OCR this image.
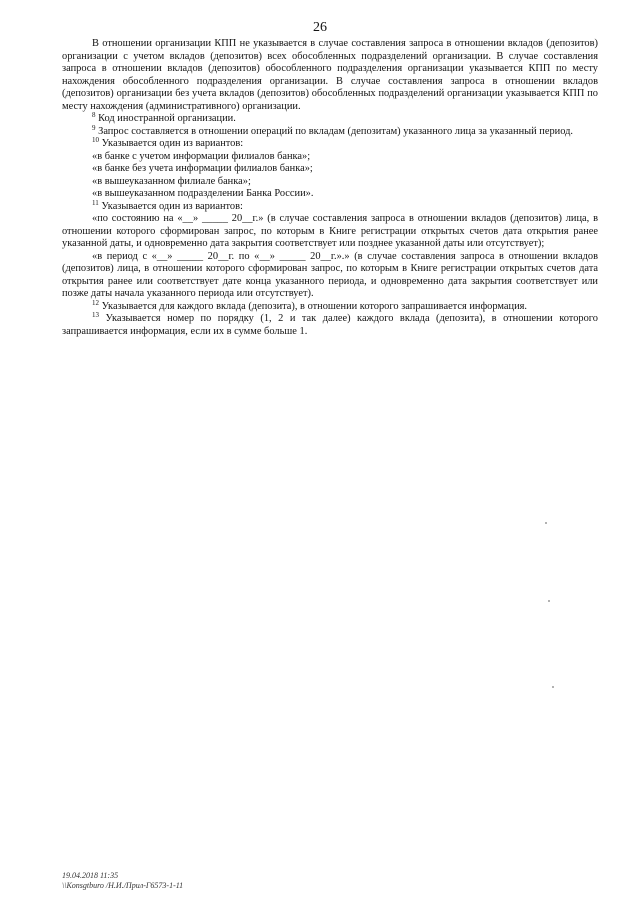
26

В отношении организации КПП не указывается в случае составления запроса в отношении вкладов (депозитов) организации с учетом вкладов (депозитов) всех обособленных подразделений организации. В случае составления запроса в отношении вкладов (депозитов) обособленного подразделения организации указывается КПП по месту нахождения обособленного подразделения организации. В случае составления запроса в отношении вкладов (депозитов) организации без учета вкладов (депозитов) обособленных подразделений организации указывается КПП по месту нахождения (административного) организации.

$^8$ Код иностранной организации.

$^9$ Запрос составляется в отношении операций по вкладам (депозитам) указанного лица за указанный период.

$^{10}$ Указывается один из вариантов:

«в банке с учетом информации филиалов банка»;

«в банке без учета информации филиалов банка»;

«в вышеуказанном филиале банка»;

«в вышеуказанном подразделении Банка России».

$^{11}$ Указывается один из вариантов:

«по состоянию на «__» _____ 20__г.» (в случае составления запроса в отношении вкладов (депозитов) лица, в отношении которого сформирован запрос, по которым в Книге регистрации открытых счетов дата открытия ранее указанной даты, и одновременно дата закрытия соответствует или позднее указанной даты или отсутствует);

«в период с «__» _____ 20__г. по «__» _____ 20__г.».» (в случае составления запроса в отношении вкладов (депозитов) лица, в отношении которого сформирован запрос, по которым в Книге регистрации открытых счетов дата открытия ранее или соответствует дате конца указанного периода, и одновременно дата закрытия соответствует или позже даты начала указанного периода или отсутствует).

$^{12}$ Указывается для каждого вклада (депозита), в отношении которого запрашивается информация.

$^{13}$ Указывается номер по порядку (1, 2 и так далее) каждого вклада (депозита), в отношении которого запрашивается информация, если их в сумме больше 1.

19.04.2018 11:35
\\Konsgtburo /Н.И./Прил-Г6573-1-11
